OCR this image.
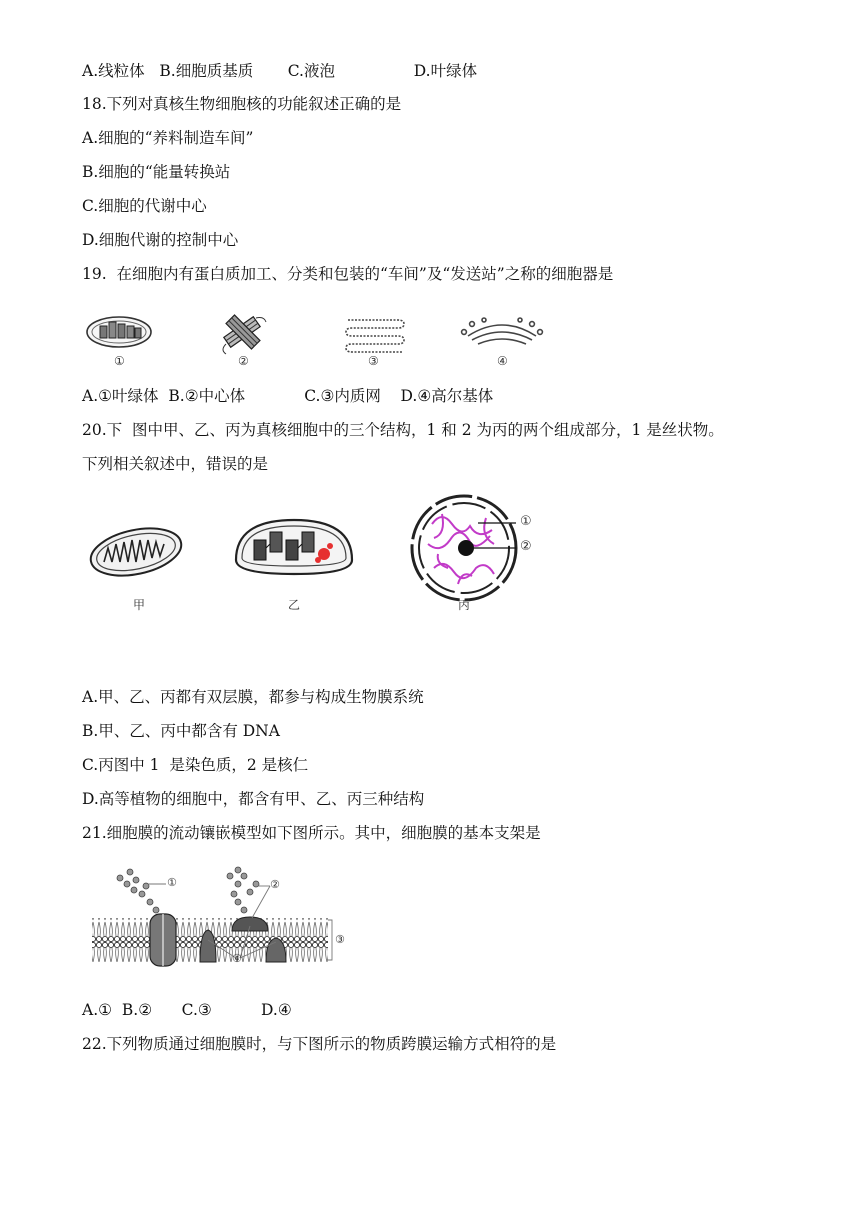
A.线粒体   B.细胞质基质       C.液泡                D.叶绿体
18.下列对真核生物细胞核的功能叙述正确的是
A.细胞的“养料制造车间”
B.细胞的“能量转换站
C.细胞的代谢中心
D.细胞代谢的控制中心
19.  在细胞内有蛋白质加工、分类和包装的“车间”及“发送站”之称的细胞器是
①	②	③	④
A.①叶绿体  B.②中心体            C.③内质网    D.④高尔基体
20.下  图中甲、乙、丙为真核细胞中的三个结构，1 和 2 为丙的两个组成部分，1 是丝状物。
下列相关叙述中，错误的是
①
②
甲	乙	丙
A.甲、乙、丙都有双层膜，都参与构成生物膜系统
B.甲、乙、丙中都含有 DNA
C.丙图中 1  是染色质，2 是核仁
D.高等植物的细胞中，都含有甲、乙、丙三种结构
21.细胞膜的流动镶嵌模型如下图所示。其中，细胞膜的基本支架是
①	②
③
④
A.①  B.②      C.③          D.④
22.下列物质通过细胞膜时，与下图所示的物质跨膜运输方式相符的是
